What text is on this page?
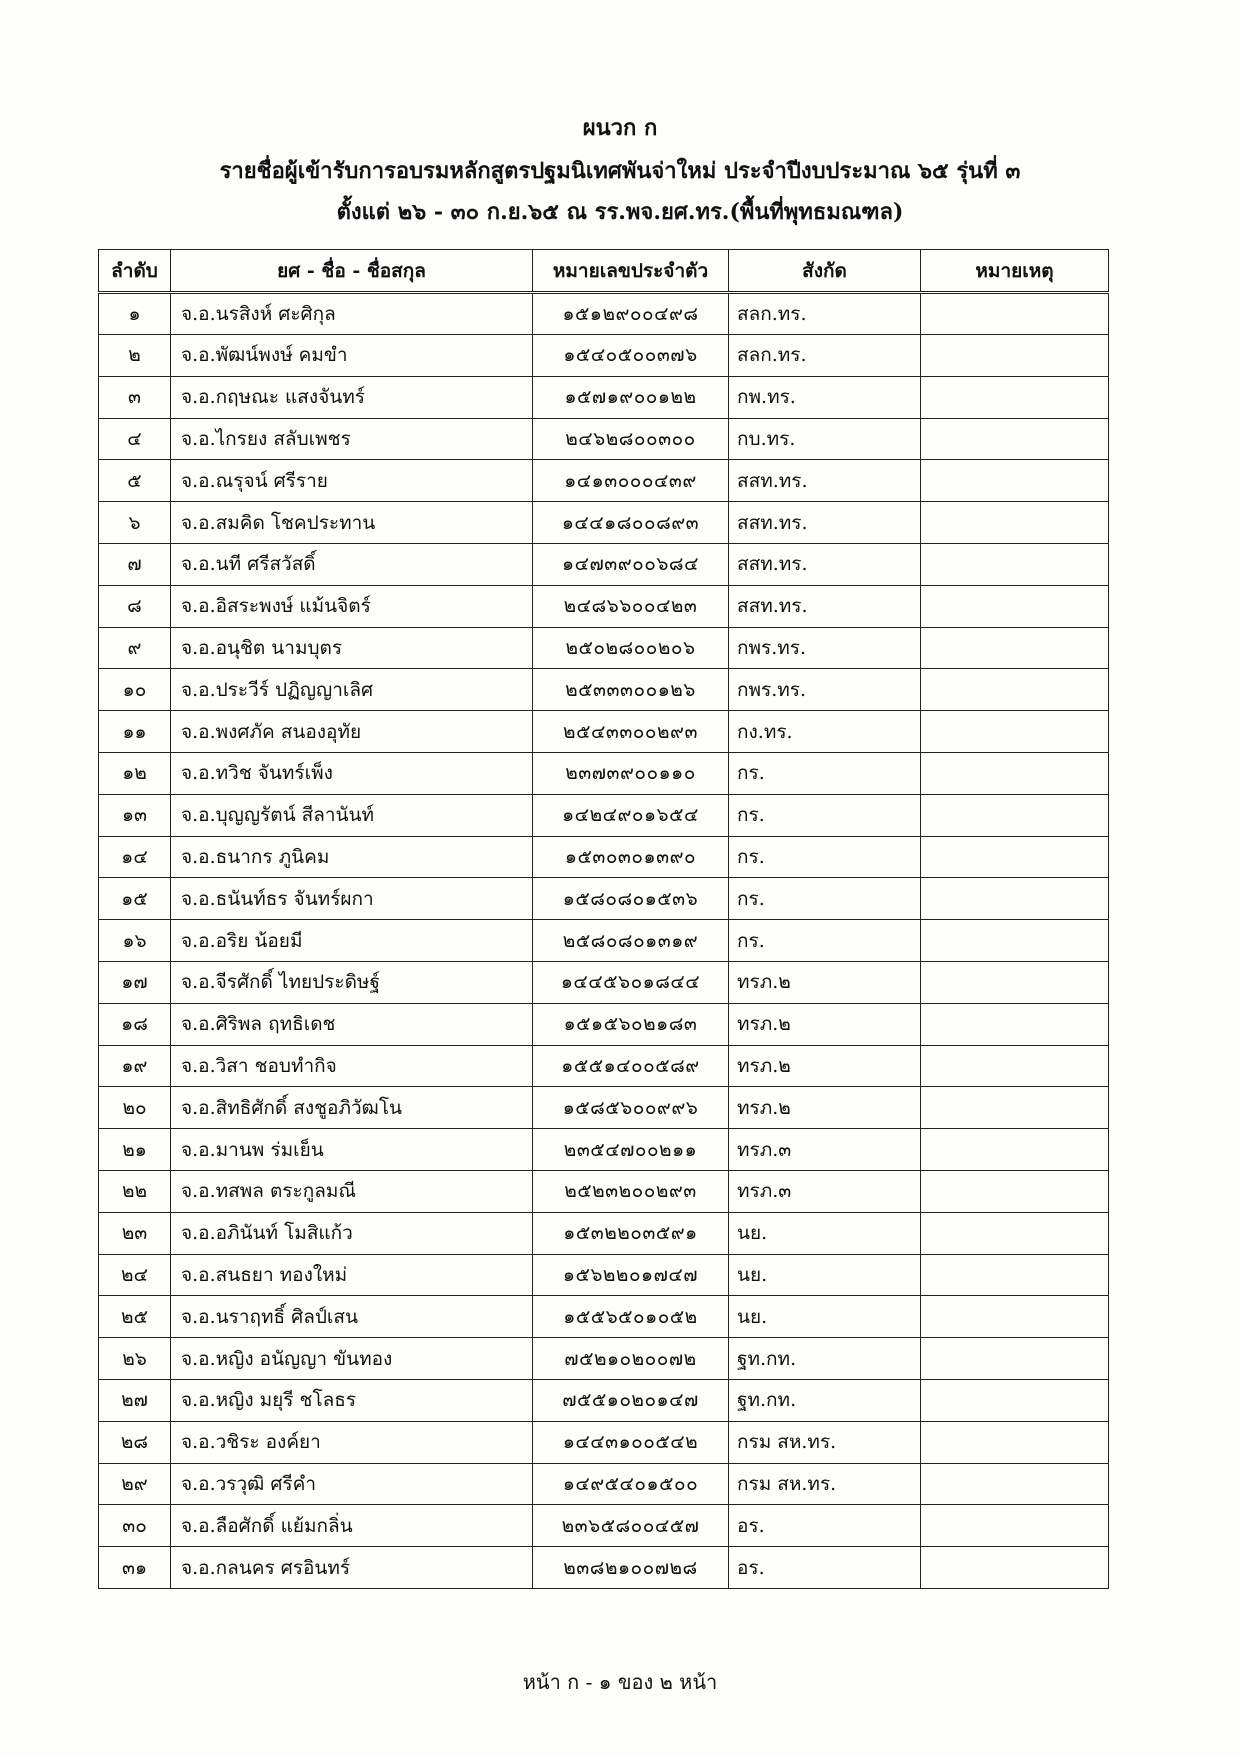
ผนวก ก
รายชื่อผู้เข้ารับการอบรมหลักสูตรปฐมนิเทศพันจ่าใหม่ ประจำปีงบประมาณ ๖๕ รุ่นที่ ๓
ตั้งแต่ ๒๖ - ๓๐ ก.ย.๖๕ ณ รร.พจ.ยศ.ทร.(พื้นที่พุทธมณฑล)
ลำดับ	ยศ - ชื่อ - ชื่อสกุล	หมายเลขประจำตัว	สังกัด	หมายเหตุ
๑	จ.อ.นรสิงห์ ศะศิกุล	๑๕๑๒๙๐๐๔๙๘	สลก.ทร.	
๒	จ.อ.พัฒน์พงษ์ คมขำ	๑๕๔๐๕๐๐๓๗๖	สลก.ทร.	
๓	จ.อ.กฤษณะ แสงจันทร์	๑๕๗๑๙๐๐๑๒๒	กพ.ทร.	
๔	จ.อ.ไกรยง สลับเพชร	๒๔๖๒๘๐๐๓๐๐	กบ.ทร.	
๕	จ.อ.ณรุจน์ ศรีราย	๑๔๑๓๐๐๐๔๓๙	สสท.ทร.	
๖	จ.อ.สมคิด โชคประทาน	๑๔๔๑๘๐๐๘๙๓	สสท.ทร.	
๗	จ.อ.นที ศรีสวัสดิ์	๑๔๗๓๙๐๐๖๘๔	สสท.ทร.	
๘	จ.อ.อิสระพงษ์ แม้นจิตร์	๒๔๘๖๖๐๐๔๒๓	สสท.ทร.	
๙	จ.อ.อนุชิต นามบุตร	๒๕๐๒๘๐๐๒๐๖	กพร.ทร.	
๑๐	จ.อ.ประวีร์ ปฏิญญาเลิศ	๒๕๓๓๓๐๐๑๒๖	กพร.ทร.	
๑๑	จ.อ.พงศภัค สนองอุทัย	๒๕๔๓๓๐๐๒๙๓	กง.ทร.	
๑๒	จ.อ.ทวิช จันทร์เพ็ง	๒๓๗๓๙๐๐๑๑๐	กร.	
๑๓	จ.อ.บุญญรัตน์ สีลานันท์	๑๔๒๔๙๐๑๖๕๔	กร.	
๑๔	จ.อ.ธนากร ภูนิคม	๑๕๓๐๓๐๑๓๙๐	กร.	
๑๕	จ.อ.ธนันท์ธร จันทร์ผกา	๑๕๘๐๘๐๑๕๓๖	กร.	
๑๖	จ.อ.อริย น้อยมี	๒๕๘๐๘๐๑๓๑๙	กร.	
๑๗	จ.อ.จีรศักดิ์ ไทยประดิษฐ์	๑๔๔๕๖๐๑๘๔๔	ทรภ.๒	
๑๘	จ.อ.ศิริพล ฤทธิเดช	๑๕๑๕๖๐๒๑๘๓	ทรภ.๒	
๑๙	จ.อ.วิสา ชอบทำกิจ	๑๕๕๑๔๐๐๕๘๙	ทรภ.๒	
๒๐	จ.อ.สิทธิศักดิ์ สงชูอภิวัฒโน	๑๕๘๕๖๐๐๙๙๖	ทรภ.๒	
๒๑	จ.อ.มานพ ร่มเย็น	๒๓๕๔๗๐๐๒๑๑	ทรภ.๓	
๒๒	จ.อ.ทสพล ตระกูลมณี	๒๕๒๓๒๐๐๒๙๓	ทรภ.๓	
๒๓	จ.อ.อภินันท์ โมสิแก้ว	๑๕๓๒๒๐๓๕๙๑	นย.	
๒๔	จ.อ.สนธยา ทองใหม่	๑๕๖๒๒๐๑๗๔๗	นย.	
๒๕	จ.อ.นราฤทธิ์ ศิลป์เสน	๑๕๕๖๕๐๑๐๕๒	นย.	
๒๖	จ.อ.หญิง อนัญญา ขันทอง	๗๕๒๑๐๒๐๐๗๒	ฐท.กท.	
๒๗	จ.อ.หญิง มยุรี ชโลธร	๗๕๕๑๐๒๐๑๔๗	ฐท.กท.	
๒๘	จ.อ.วชิระ องค์ยา	๑๔๔๓๑๐๐๕๔๒	กรม สห.ทร.	
๒๙	จ.อ.วรวุฒิ ศรีคำ	๑๔๙๕๔๐๑๕๐๐	กรม สห.ทร.	
๓๐	จ.อ.ลือศักดิ์ แย้มกลิ่น	๒๓๖๕๘๐๐๔๕๗	อร.	
๓๑	จ.อ.กลนคร ศรอินทร์	๒๓๘๒๑๐๐๗๒๘	อร.	
หน้า ก - ๑ ของ ๒ หน้า
